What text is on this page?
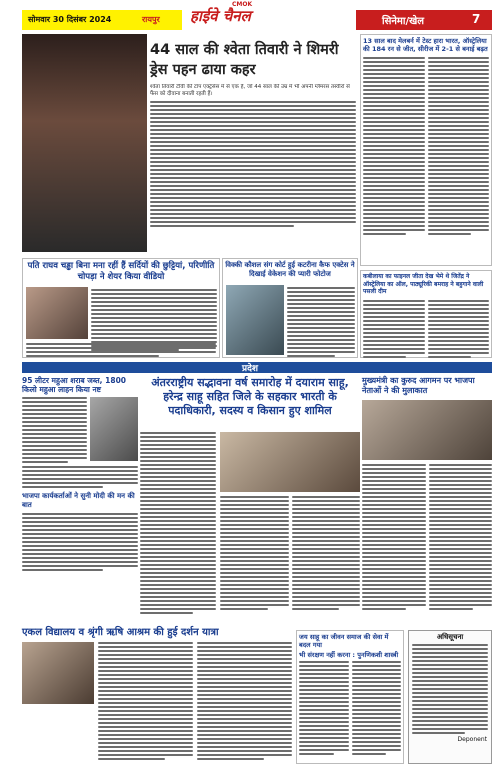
CMOK
सोमवार 30 दिसंबर 2024	रायपुर हाईवे चैनल	सिनेमा/खेल	7
44 साल की श्वेता तिवारी ने शिमरी ड्रेस पहन ढाया कहर
श्वेता तिवारी टीवी की टॉप एक्ट्रेसेस में से एक हैं, जो 44 साल की उम्र में भी अपनी ग्लैमरस तस्वीरों से फैंस को दीवाना बनाती रहती हैं।
13 साल बाद मेलबर्न में टेस्ट हारा भारत, ऑस्ट्रेलिया की 184 रन से जीत, सीरीज में 2-1 से बनाई बढ़त
कबीलाया का फाइनल जीता देख भेमे थे जितेंद्र ने ऑस्ट्रेलिया का ऑल, पाठ्यूरिकी बमराह ने बहुगाने वाली पसली दीम
पति राघव चड्ढा बिना मना रहीं हैं सर्दियों की छुट्टियां, परिणीति चोपड़ा ने शेयर किया वीडियो
विक्की कौशल संग कोर्ट हुई कटरीना कैफ एक्टेस ने दिखाई वेकेशन की प्यारी फोटोज
प्रदेश
95 लीटर महुआ शराब जब्त, 1800 किलो महुआ लाहन किया नष्ट
भाजपा कार्यकर्ताओं ने सुनी मोदी की मन की बात
अंतरराष्ट्रीय सद्भावना वर्ष समारोह में दयाराम साहू, हरेन्द्र साहू सहित जिले के सहकार भारती के पदाधिकारी, सदस्य व किसान हुए शामिल
मुख्यमंत्री का कुरुद आगमन पर भाजपा नेताओं ने की मुलाकात
एकल विद्यालय व श्रृंगी ऋषि आश्रम की हुई दर्शन यात्रा	जय साहू का जीवन समाज की सेवा में बदल गया
भी संरक्षण नहीं करना : पुनणिकशी शास्त्री
अधिसूचना
Deponent
